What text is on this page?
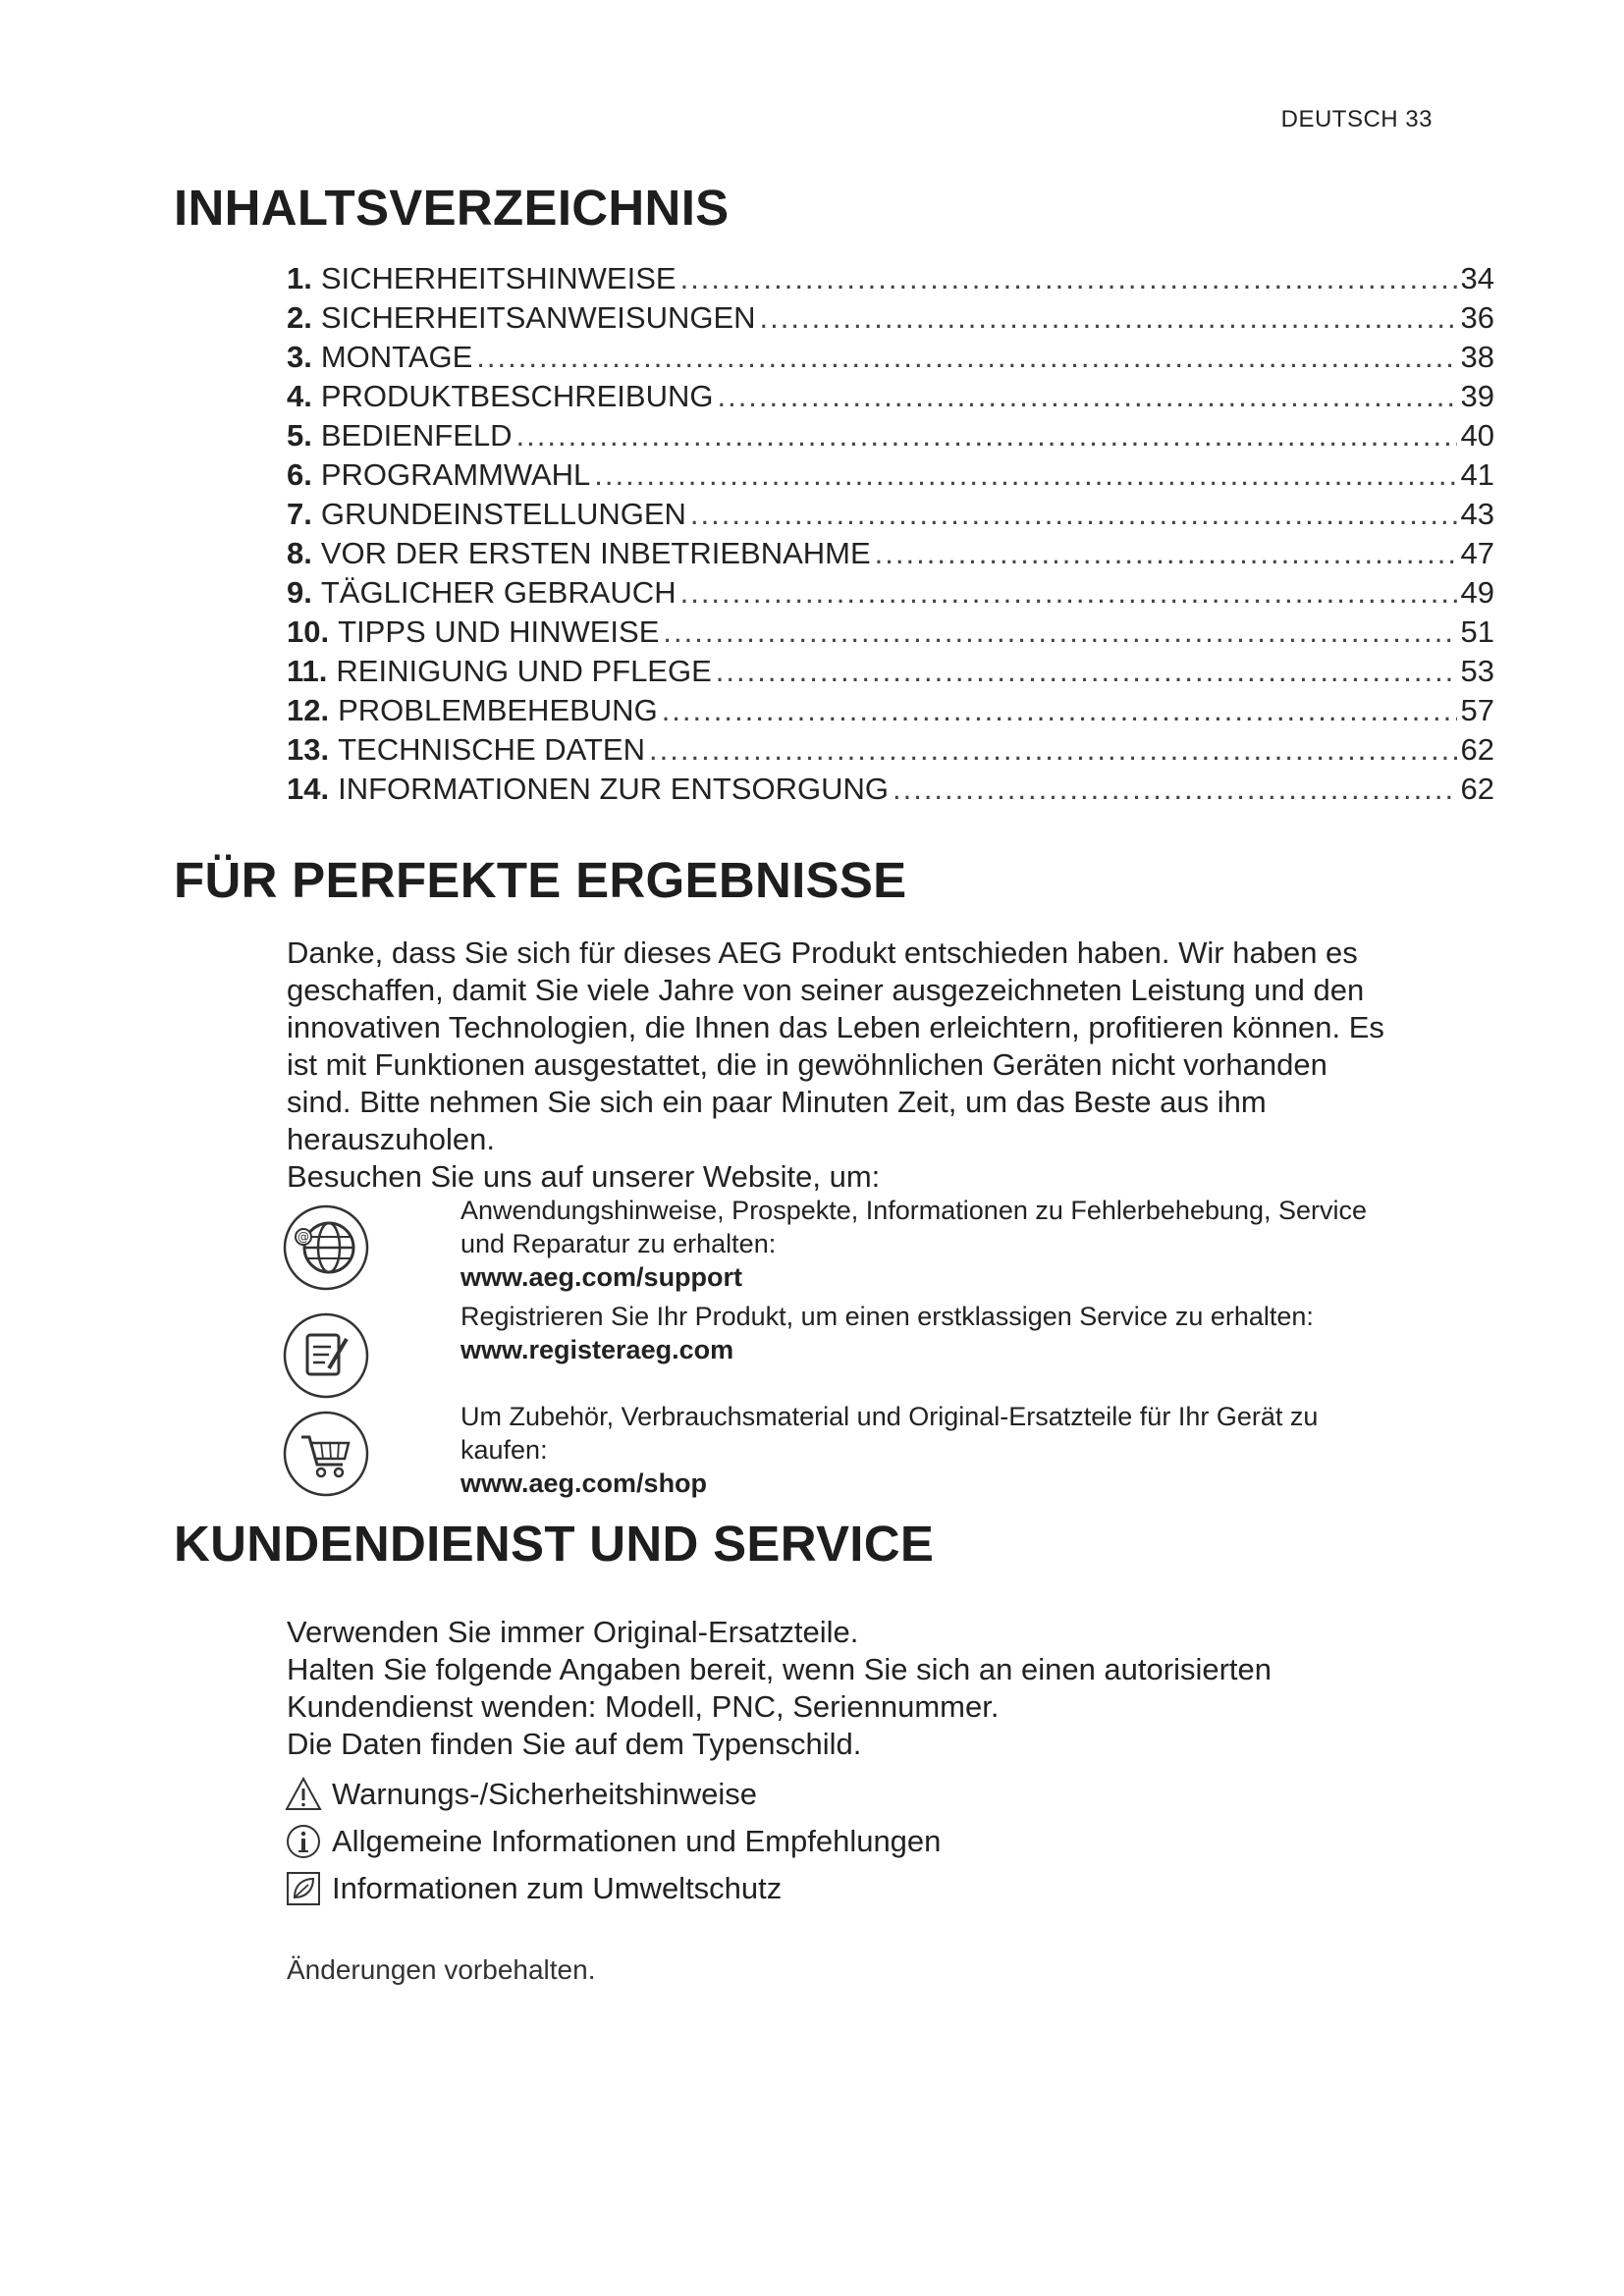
DEUTSCH 33
INHALTSVERZEICHNIS
1. SICHERHEITSHINWEISE .....	34
2. SICHERHEITSANWEISUNGEN .....	36
3. MONTAGE .....	38
4. PRODUKTBESCHREIBUNG .....	39
5. BEDIENFELD .....	40
6. PROGRAMMWAHL .....	41
7. GRUNDEINSTELLUNGEN .....	43
8. VOR DER ERSTEN INBETRIEBNAHME .....	47
9. TÄGLICHER GEBRAUCH .....	49
10. TIPPS UND HINWEISE .....	51
11. REINIGUNG UND PFLEGE .....	53
12. PROBLEMBEHEBUNG .....	57
13. TECHNISCHE DATEN .....	62
14. INFORMATIONEN ZUR ENTSORGUNG .....	62
FÜR PERFEKTE ERGEBNISSE

Danke, dass Sie sich für dieses AEG Produkt entschieden haben. Wir haben es

geschaffen, damit Sie viele Jahre von seiner ausgezeichneten Leistung und den

innovativen Technologien, die Ihnen das Leben erleichtern, profitieren können. Es

ist mit Funktionen ausgestattet, die in gewöhnlichen Geräten nicht vorhanden

sind. Bitte nehmen Sie sich ein paar Minuten Zeit, um das Beste aus ihm

herauszuholen.

Besuchen Sie uns auf unserer Website, um:

@
Anwendungshinweise, Prospekte, Informationen zu Fehlerbehebung, Service
und Reparatur zu erhalten:
www.aeg.com/support
Registrieren Sie Ihr Produkt, um einen erstklassigen Service zu erhalten:
www.registeraeg.com
Um Zubehör, Verbrauchsmaterial und Original-Ersatzteile für Ihr Gerät zu
kaufen:
www.aeg.com/shop
KUNDENDIENST UND SERVICE

Verwenden Sie immer Original-Ersatzteile.

Halten Sie folgende Angaben bereit, wenn Sie sich an einen autorisierten

Kundendienst wenden: Modell, PNC, Seriennummer.

Die Daten finden Sie auf dem Typenschild.

Warnungs-/Sicherheitshinweise
Allgemeine Informationen und Empfehlungen
Informationen zum Umweltschutz
Änderungen vorbehalten.
